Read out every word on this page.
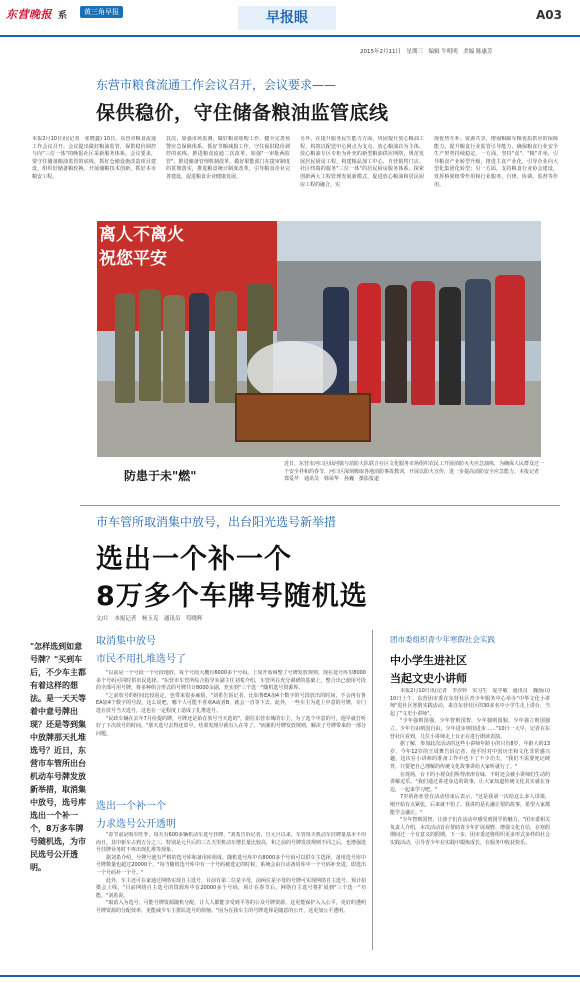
东营晚报 系	黄三角早报	早报眼	A03
2015年2月11日　星期三　编辑 牛明明　美编 陈惠芳
东营市粮食流通工作会议召开，会议要求——
保供稳价，守住储备粮油监管底线
本报2月10日讯(记者　张晓鑫) 10日，东营市粮食流通工作会议召开。会议提出做好粮油监管，保供稳价调控与向"三位一体"的晚报社区采新服务体系。会议要求，要守住储备粮油监管的底线，抓好仓储设施改造项目建设，组织好储备粮轮换，开展储粮技术创新，抓好本市粮安工程。
其次，加强市场监测，做好粮食收购工作，健全完善预警应急保障体系，抓好节粮减损工作，守住保供稳价调控的底线。推进粮食流通二次改革，加强"一审批两监管"，推进储备管理机制改革，做好职能部门在提审制度的贯彻落实，推进粮食统计制度改革，引导粮食企业完善建设，促进粮食企业健康发展。
另外，在提升服务民生能力方面，巩固提升放心粮油工程，构筑以配送中心网点为支点、放心粮油店为主体、放心粮油专区专柜为补充的新型粮油供应网络，规范发展居民厨房工程，构建粮品加工中心、自营销售门店、社区终端的服务"三位一体"的居民厨房服务体系。探索创新两大工程管理发展新模式，促进放心粮油和居民厨房工程的融合，实
现优势互补、资源共享，增强粮邮军粮优质供应的保障能力。提升粮食行业监管引导能力，确保粮食行业安全生产形势持续稳定。一方面，坚持"食"、"粮"并举，引导粮食产业转型升级，推进主食产业化，引导企业向大型化集团化转型；另一方面，支持粮食行业协会建设，发挥桥梁纽带作用和行业服务、自律、协调、监督等作用。
离人不离火
祝您平安
防患于未"燃"
近日，东营市河口区仙河镇与消防大队联合在区文化服务市场组织农民工开展消防灭火应急演练，为确保人民群众过一个安全祥和的春节，河口区深刻吸取各地消防事故教训，开展以防火宣传，进一步提高消防安全应急能力。本报记者　郑爱芹　通讯员　韩荣华　孙巍　摄影报道
市车管所取消集中放号，出台阳光选号新举措
选出一个补一个
8万多个车牌号随机选
文/片　本报记者　杨玉克　通讯员　苟晓辉
"怎样选到如意号牌？"买到车后，不少车主都有着这样的想法。是一天天等着中意号牌出现？还是等到集中放牌那天扎堆选号？近日，东营市车管所出台机动车号牌发放新举措，取消集中放号，选号库选出一个补一个，8万多车牌号随机选，为市民选号公开透明。
取消集中放号
市民不用扎堆选号了

"以前是一个号段一个号段地放，每个号段大概有6000多个号码。上周开始调整了号牌发放规则，现在选号库里8000多个号码可同时供市民选择。"东营市车管所综合指导室副主任刘希介绍，车管所在充分调研的基础上，整合出已使用号段的全部可用号牌，将多种组合形式的号牌共计8000余副，充实到"三个选一"随机选号资源库。

"之前放号的时间比较固定，也带来很多麻烦，"刘希告诉记者，比如鲁EA加4个数字的号段放出的时间，不会再有鲁EA加4个数字的号段，这么说吧，哪个人可能不喜欢A或者B，就会一直等下去。此外，一些车主为选上中意的号牌，专门选在放号当天选号，这也在一定程度上造成了扎堆选号。

"民政车辆在去年7月份提的牌，号牌还是始在放号当天选的"，据住东营市城的车主，为了选个中意的号，他早就打听好了下次放号的时间。"那天选号去得还算早，结果发现早就有人在等了。"而新的号牌发放规则，解决了号牌带来的一部分问题。

选出一个补一个
力求选号公开透明

"春节前是购车旺季，每天有600多辆机动车选号挂牌。"刘希告诉记者，自元旦以来，车管每天机动车挂牌量基本平均而且，其中新车占到五分之三，特别是元旦后的三五天里机动车增长量比较高，和之前的号牌发放规则不同之后，也增强选号挂牌业务时不再出现扎堆等现象。

据刘希介绍，号牌号池有严格的选号库和备用库组成，随机选号库中有8000多个号码可以供车主选择，备用选号库中号牌数量也超过20000个。"每当随机选号库中有一个号码被选定的时候，系统会由自动备用库中一个号码补充进，即选出一个号码补一个号。"

此外，车主还可在家通过网络实现自主选号，目前有第二位是字母，前两位是字母的号牌可实现网络自主选号，预计拍摄会上线。"目前网络自主选号的资源库中有20000多个号码，预计在春节后，网络自主选号将扩展到"三个选一"功能。"刘希说。

"取消入为选号，可能号牌资源随机分配，让人人都能享受到平等的公众号牌资源，这更能保护入入公平，更好的透明号牌资源的分配效率，更能减少车主排队选号的烦恼。"因为在我车主的号牌选择是随意的公开，这更加公平透明。

团市委组织青少年寒假社会实践
中小学生进社区
当起文史小讲师

本报2月10日讯(记者　李汐婷　实习生　庞学敏　通讯员　魏灿山) 10日上午，东营团市委在东营社区青少年服务中心举办"中华文化小讲师"进社区寒假实践活动，来自东营社区的30多名中小学生走上讲台，当起了"文史小讲师"。

"少年强则国强，少年智则国智，少年独则国独，少年强立则国独立。少年自由则国自由，少年进步则国进步……"10日一大早，记者在东营社区看到，几位小讲师走上台正在进行朗读表演。

据了解，参加此次活动的这些小讲师年龄小的只有8岁，年龄大的13岁，今年12岁的王周舞告诉记者，他平时对中国历史和文化非常感兴趣，这次在小讲师的准备工作中也下了不少功夫，"我们不需要死记硬背，只要把自己理解的传统文化故事讲给大家听就行了。"

在现场，台下的小观众们听得津津有味，不时还会被小讲师们生动的讲解逗乐。"我们通过讲述身边的故事，让大家知道传统文化其实就在身边，一起来学习吧。"

7岁的孙亚萱在活动结束后表示，"这是我第一次给这么多人讲课，刚开始有点紧张，后来就不怕了。我讲的是孔融让梨的故事，希望大家都能学会谦让。"

"少年智则国智，让孩子们在活动中感受到国学的魅力。"团市委相关负责人介绍，本次活动旨在帮助青少年扩展视野、增强文化自信，在寒假期间过一个有意义的假期。下一步，团市委还将组织更多形式多样的社会实践活动，引导青少年在实践中锻炼成长，在服务中收获快乐。
